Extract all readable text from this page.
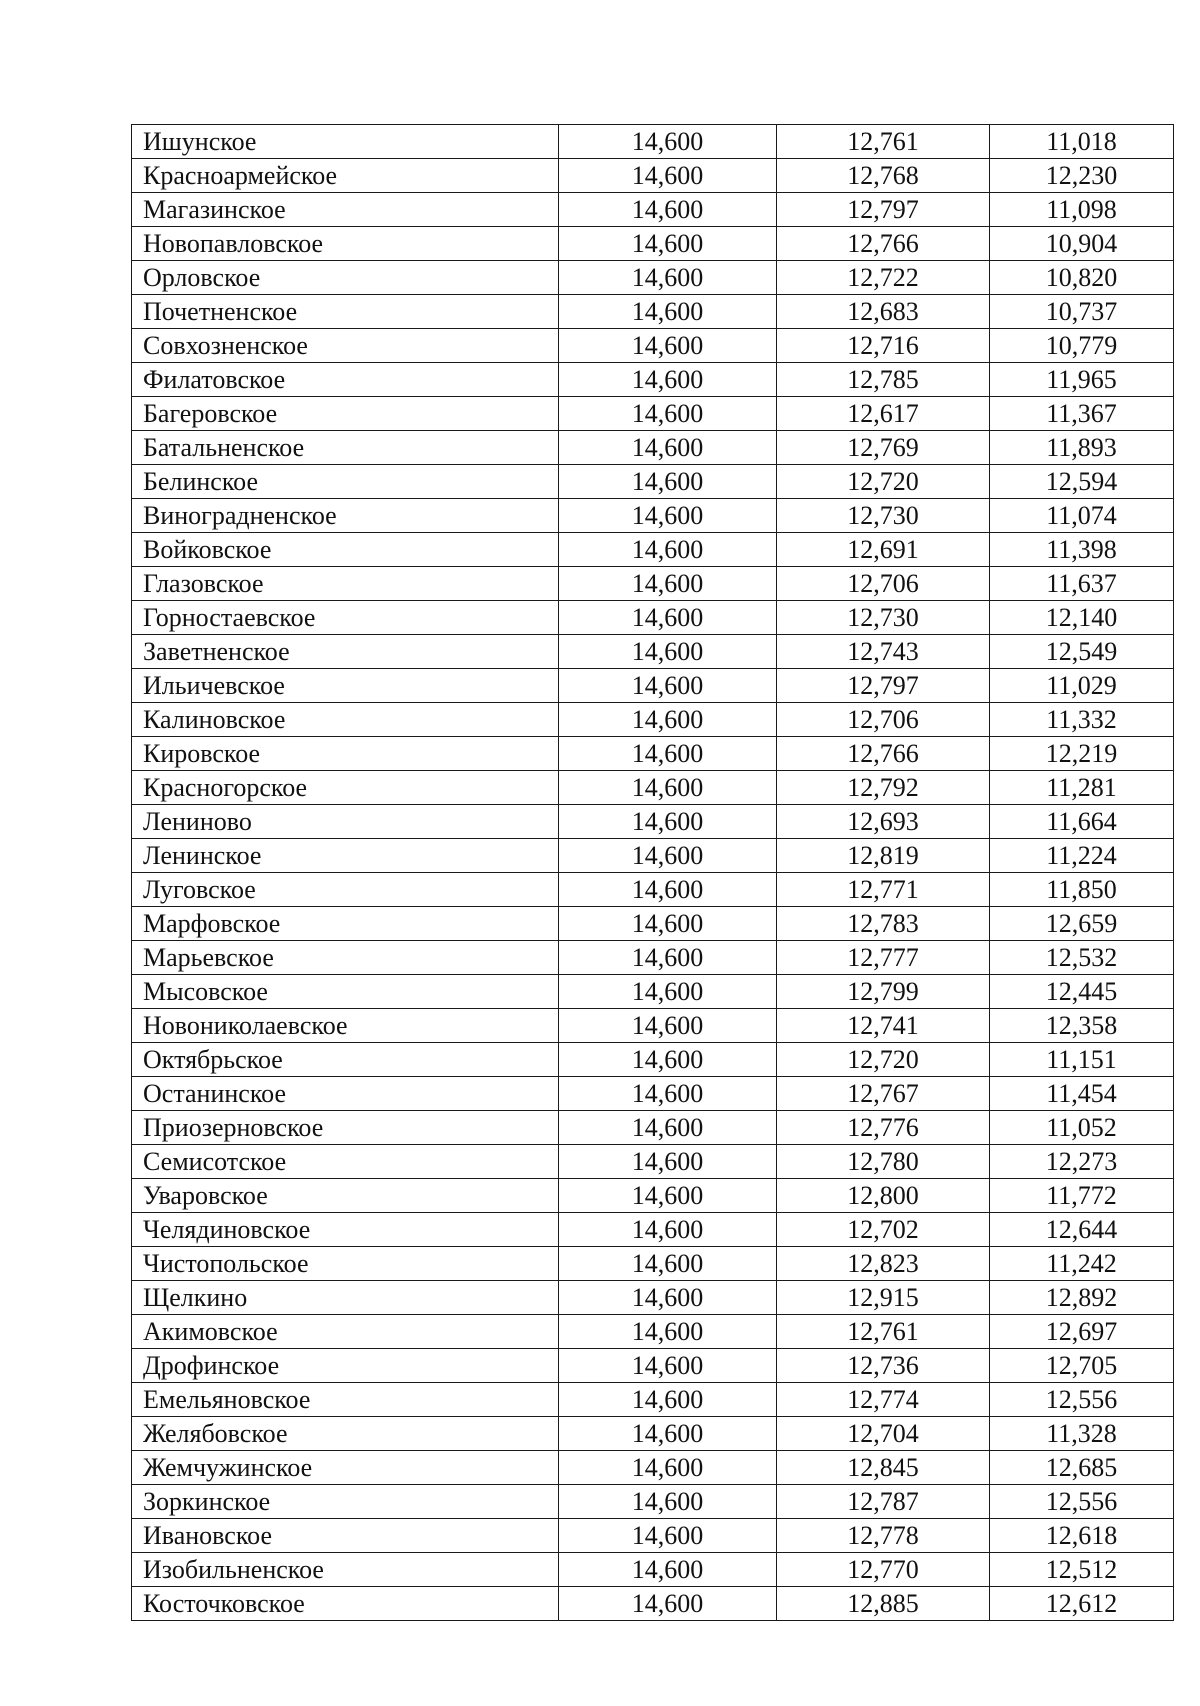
Ишунское	14,600	12,761	11,018
Красноармейское	14,600	12,768	12,230
Магазинское	14,600	12,797	11,098
Новопавловское	14,600	12,766	10,904
Орловское	14,600	12,722	10,820
Почетненское	14,600	12,683	10,737
Совхозненское	14,600	12,716	10,779
Филатовское	14,600	12,785	11,965
Багеровское	14,600	12,617	11,367
Батальненское	14,600	12,769	11,893
Белинское	14,600	12,720	12,594
Виноградненское	14,600	12,730	11,074
Войковское	14,600	12,691	11,398
Глазовское	14,600	12,706	11,637
Горностаевское	14,600	12,730	12,140
Заветненское	14,600	12,743	12,549
Ильичевское	14,600	12,797	11,029
Калиновское	14,600	12,706	11,332
Кировское	14,600	12,766	12,219
Красногорское	14,600	12,792	11,281
Лениново	14,600	12,693	11,664
Ленинское	14,600	12,819	11,224
Луговское	14,600	12,771	11,850
Марфовское	14,600	12,783	12,659
Марьевское	14,600	12,777	12,532
Мысовское	14,600	12,799	12,445
Новониколаевское	14,600	12,741	12,358
Октябрьское	14,600	12,720	11,151
Останинское	14,600	12,767	11,454
Приозерновское	14,600	12,776	11,052
Семисотское	14,600	12,780	12,273
Уваровское	14,600	12,800	11,772
Челядиновское	14,600	12,702	12,644
Чистопольское	14,600	12,823	11,242
Щелкино	14,600	12,915	12,892
Акимовское	14,600	12,761	12,697
Дрофинское	14,600	12,736	12,705
Емельяновское	14,600	12,774	12,556
Желябовское	14,600	12,704	11,328
Жемчужинское	14,600	12,845	12,685
Зоркинское	14,600	12,787	12,556
Ивановское	14,600	12,778	12,618
Изобильненское	14,600	12,770	12,512
Косточковское	14,600	12,885	12,612
